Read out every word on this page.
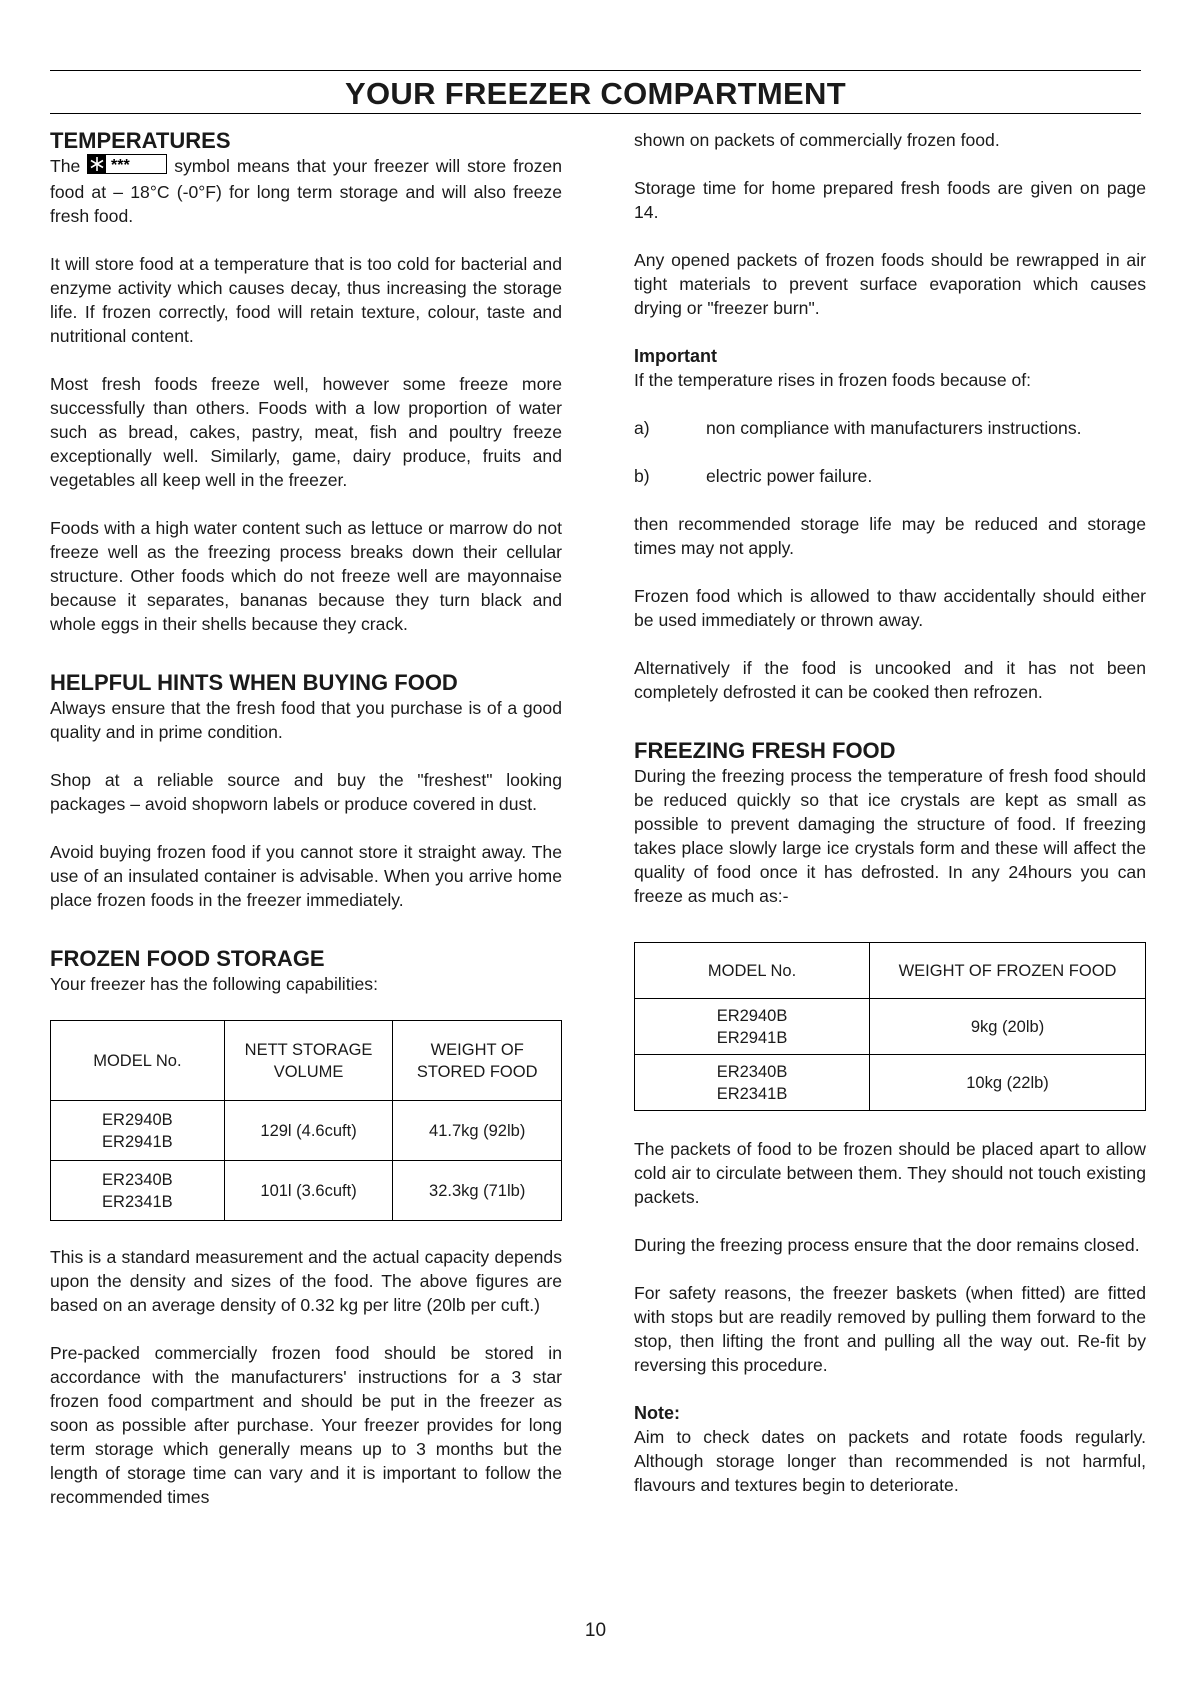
YOUR FREEZER COMPARTMENT
TEMPERATURES

The ***	symbol means that your freezer will store frozen food at – 18°C (-0°F) for long term storage and will also freeze fresh food.

It will store food at a temperature that is too cold for bacterial and enzyme activity which causes decay, thus increasing the storage life. If frozen correctly, food will retain texture, colour, taste and nutritional content.

Most fresh foods freeze well, however some freeze more successfully than others. Foods with a low proportion of water such as bread, cakes, pastry, meat, fish and poultry freeze exceptionally well. Similarly, game, dairy produce, fruits and vegetables all keep well in the freezer.

Foods with a high water content such as lettuce or marrow do not freeze well as the freezing process breaks down their cellular structure. Other foods which do not freeze well are mayonnaise because it separates, bananas because they turn black and whole eggs in their shells because they crack.

HELPFUL HINTS WHEN BUYING FOOD

Always ensure that the fresh food that you purchase is of a good quality and in prime condition.

Shop at a reliable source and buy the "freshest" looking packages – avoid shopworn labels or produce covered in dust.

Avoid buying frozen food if you cannot store it straight away. The use of an insulated container is advisable. When you arrive home place frozen foods in the freezer immediately.

FROZEN FOOD STORAGE

Your freezer has the following capabilities:

MODEL No.	NETT STORAGE VOLUME	WEIGHT OF STORED FOOD
ER2940B
ER2941B	129l (4.6cuft)	41.7kg (92lb)
ER2340B
ER2341B	101l (3.6cuft)	32.3kg (71lb)

This is a standard measurement and the actual capacity depends upon the density and sizes of the food. The above figures are based on an average density of 0.32 kg per litre (20lb per cuft.)

Pre-packed commercially frozen food should be stored in accordance with the manufacturers' instructions for a 3 star frozen food compartment and should be put in the freezer as soon as possible after purchase. Your freezer provides for long term storage which generally means up to 3 months but the length of storage time can vary and it is important to follow the recommended times

shown on packets of commercially frozen food.

Storage time for home prepared fresh foods are given on page 14.

Any opened packets of frozen foods should be rewrapped in air tight materials to prevent surface evaporation which causes drying or "freezer burn".

Important

If the temperature rises in frozen foods because of:

a)	non compliance with manufacturers instructions.
b)	electric power failure.

then recommended storage life may be reduced and storage times may not apply.

Frozen food which is allowed to thaw accidentally should either be used immediately or thrown away.

Alternatively if the food is uncooked and it has not been completely defrosted it can be cooked then refrozen.

FREEZING FRESH FOOD

During the freezing process the temperature of fresh food should be reduced quickly so that ice crystals are kept as small as possible to prevent damaging the structure of food. If freezing takes place slowly large ice crystals form and these will affect the quality of food once it has defrosted. In any 24hours you can freeze as much as:-

MODEL No.	WEIGHT OF FROZEN FOOD
ER2940B
ER2941B	9kg (20lb)
ER2340B
ER2341B	10kg (22lb)

The packets of food to be frozen should be placed apart to allow cold air to circulate between them. They should not touch existing packets.

During the freezing process ensure that the door remains closed.

For safety reasons, the freezer baskets (when fitted) are fitted with stops but are readily removed by pulling them forward to the stop, then lifting the front and pulling all the way out. Re-fit by reversing this procedure.

Note:

Aim to check dates on packets and rotate foods regularly. Although storage longer than recommended is not harmful, flavours and textures begin to deteriorate.

10
